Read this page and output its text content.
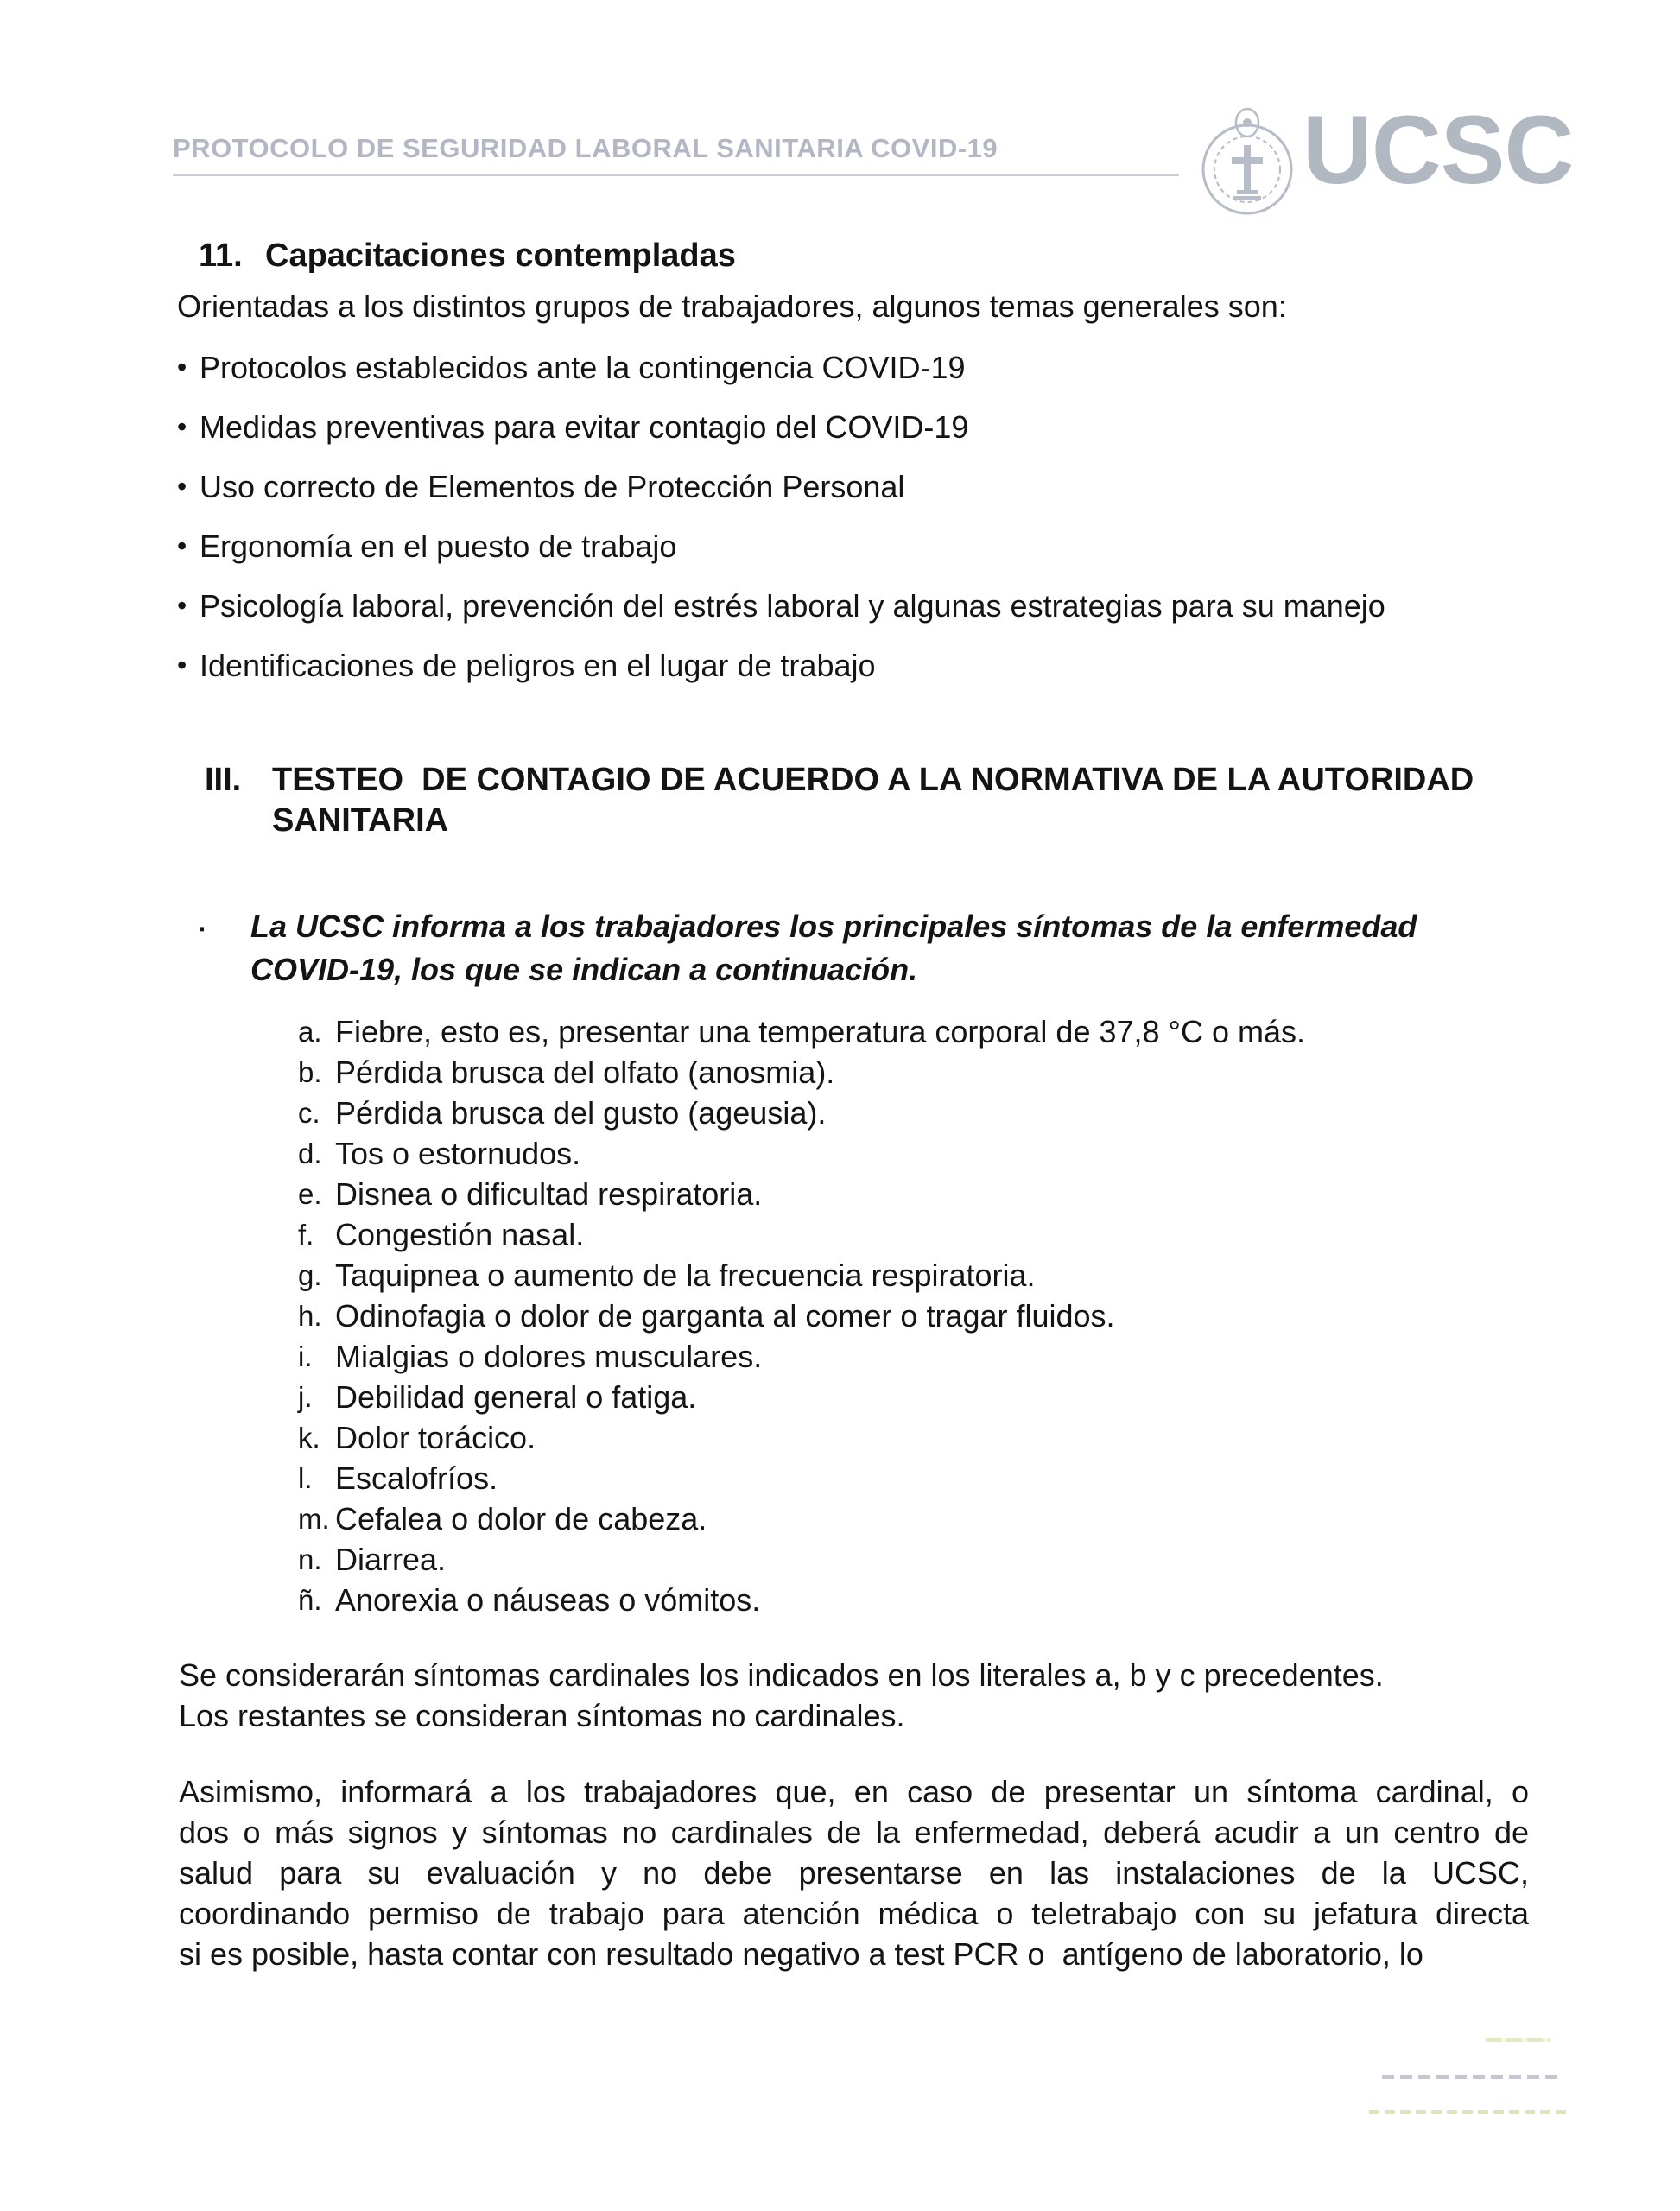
PROTOCOLO DE SEGURIDAD LABORAL SANITARIA COVID-19	UCSC
11. Capacitaciones contempladas
Orientadas a los distintos grupos de trabajadores, algunos temas generales son:
• Protocolos establecidos ante la contingencia COVID-19
• Medidas preventivas para evitar contagio del COVID-19
• Uso correcto de Elementos de Protección Personal
• Ergonomía en el puesto de trabajo
• Psicología laboral, prevención del estrés laboral y algunas estrategias para su manejo
• Identificaciones de peligros en el lugar de trabajo
III. TESTEO  DE CONTAGIO DE ACUERDO A LA NORMATIVA DE LA AUTORIDAD
SANITARIA
▪	La UCSC informa a los trabajadores los principales síntomas de la enfermedad
COVID-19, los que se indican a continuación.
a. Fiebre, esto es, presentar una temperatura corporal de 37,8 °C o más.
b. Pérdida brusca del olfato (anosmia).
c. Pérdida brusca del gusto (ageusia).
d. Tos o estornudos.
e. Disnea o dificultad respiratoria.
f. Congestión nasal.
g. Taquipnea o aumento de la frecuencia respiratoria.
h. Odinofagia o dolor de garganta al comer o tragar fluidos.
i. Mialgias o dolores musculares.
j. Debilidad general o fatiga.
k. Dolor torácico.
l. Escalofríos.
m. Cefalea o dolor de cabeza.
n. Diarrea.
ñ. Anorexia o náuseas o vómitos.
Se considerarán síntomas cardinales los indicados en los literales a, b y c precedentes.
Los restantes se consideran síntomas no cardinales.
Asimismo, informará a los trabajadores que, en caso de presentar un síntoma cardinal, o
dos o más signos y síntomas no cardinales de la enfermedad, deberá acudir a un centro de
salud para su evaluación y no debe presentarse en las instalaciones de la UCSC,
coordinando permiso de trabajo para atención médica o teletrabajo con su jefatura directa
si es posible, hasta contar con resultado negativo a test PCR o  antígeno de laboratorio, lo
